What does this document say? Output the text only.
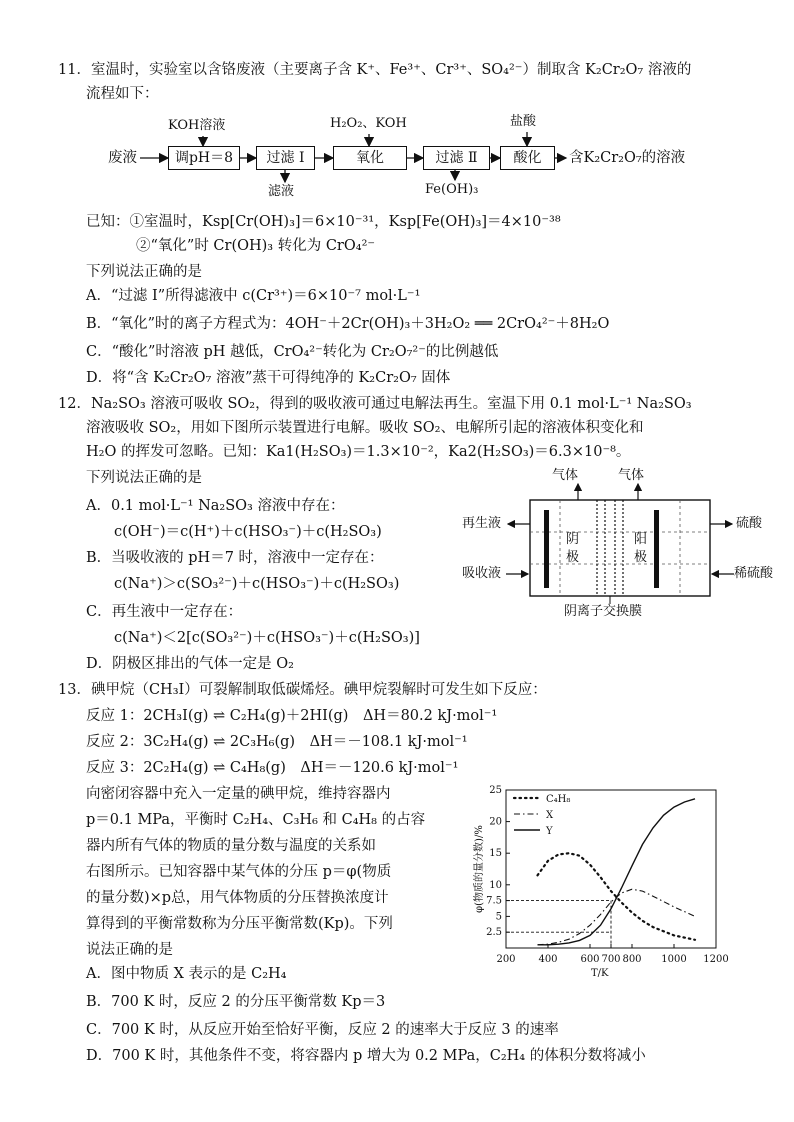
11．室温时，实验室以含铬废液（主要离子含 K⁺、Fe³⁺、Cr³⁺、SO₄²⁻）制取含 K₂Cr₂O₇ 溶液的
流程如下：
废液	调pH＝8	过滤 Ⅰ	氧化	过滤 Ⅱ	酸化	含K₂Cr₂O₇的溶液
KOH溶液	H₂O₂、KOH	盐酸
滤液	Fe(OH)₃
已知：①室温时，Ksp[Cr(OH)₃]＝6×10⁻³¹，Ksp[Fe(OH)₃]＝4×10⁻³⁸
②“氧化”时 Cr(OH)₃ 转化为 CrO₄²⁻
下列说法正确的是
A．“过滤 Ⅰ”所得滤液中 c(Cr³⁺)＝6×10⁻⁷ mol·L⁻¹
B．“氧化”时的离子方程式为：4OH⁻＋2Cr(OH)₃＋3H₂O₂ ══ 2CrO₄²⁻＋8H₂O
C．“酸化”时溶液 pH 越低，CrO₄²⁻转化为 Cr₂O₇²⁻的比例越低
D．将“含 K₂Cr₂O₇ 溶液”蒸干可得纯净的 K₂Cr₂O₇ 固体
12．Na₂SO₃ 溶液可吸收 SO₂，得到的吸收液可通过电解法再生。室温下用 0.1 mol·L⁻¹ Na₂SO₃
溶液吸收 SO₂，用如下图所示装置进行电解。吸收 SO₂、电解所引起的溶液体积变化和
H₂O 的挥发可忽略。已知：Ka1(H₂SO₃)＝1.3×10⁻²，Ka2(H₂SO₃)＝6.3×10⁻⁸。
下列说法正确的是
A．0.1 mol·L⁻¹ Na₂SO₃ 溶液中存在：
c(OH⁻)＝c(H⁺)＋c(HSO₃⁻)＋c(H₂SO₃)
B．当吸收液的 pH＝7 时，溶液中一定存在：
c(Na⁺)＞c(SO₃²⁻)＋c(HSO₃⁻)＋c(H₂SO₃)
C．再生液中一定存在：
c(Na⁺)＜2[c(SO₃²⁻)＋c(HSO₃⁻)＋c(H₂SO₃)]
D．阴极区排出的气体一定是 O₂
气体	气体
再生液
吸收液
硫酸
稀硫酸
阴
极
阳
极
阴离子交换膜
13．碘甲烷（CH₃I）可裂解制取低碳烯烃。碘甲烷裂解时可发生如下反应：
反应 1：2CH₃I(g) ⇌ C₂H₄(g)＋2HI(g)　ΔH＝80.2 kJ·mol⁻¹
反应 2：3C₂H₄(g) ⇌ 2C₃H₆(g)　ΔH＝－108.1 kJ·mol⁻¹
反应 3：2C₂H₄(g) ⇌ C₄H₈(g)　ΔH＝－120.6 kJ·mol⁻¹
向密闭容器中充入一定量的碘甲烷，维持容器内
p＝0.1 MPa，平衡时 C₂H₄、C₃H₆ 和 C₄H₈ 的占容
器内所有气体的物质的量分数与温度的关系如
右图所示。已知容器中某气体的分压 p＝φ(物质
的量分数)×p总，用气体物质的分压替换浓度计
算得到的平衡常数称为分压平衡常数(Kp)。下列
说法正确的是
A．图中物质 X 表示的是 C₂H₄
B．700 K 时，反应 2 的分压平衡常数 Kp＝3
C．700 K 时，从反应开始至恰好平衡，反应 2 的速率大于反应 3 的速率
D．700 K 时，其他条件不变，将容器内 p 增大为 0.2 MPa，C₂H₄ 的体积分数将减小
200 400 600 700 800 1000 1200
2.5
5
7.5
10
15
20
25
T/K
φ(物质的量分数)/%
C₄H₈
X
Y
